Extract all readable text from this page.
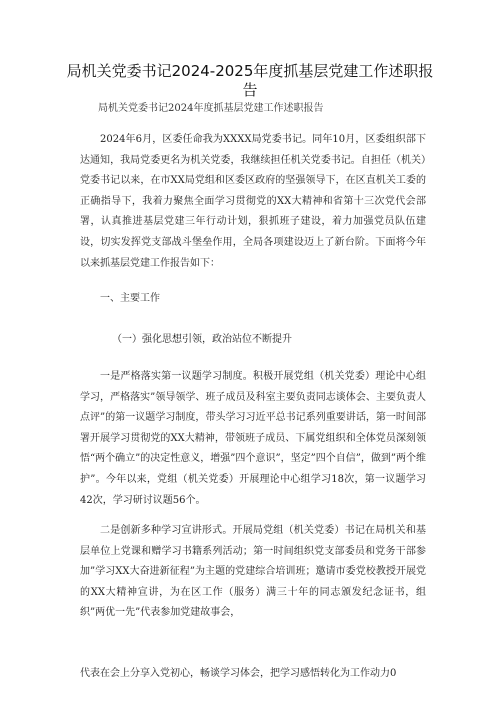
局机关党委书记2024-2025年度抓基层党建工作述职报
告
局机关党委书记2024年度抓基层党建工作述职报告
2024年6月，区委任命我为XXXX局党委书记。同年10月，区委组织部下达通知，我局党委更名为机关党委，我继续担任机关党委书记。自担任（机关）党委书记以来，在市XX局党组和区委区政府的坚强领导下，在区直机关工委的正确指导下，我着力聚焦全面学习贯彻党的XX大精神和省第十三次党代会部署，认真推进基层党建三年行动计划，狠抓班子建设，着力加强党员队伍建设，切实发挥党支部战斗堡垒作用，全局各项建设迈上了新台阶。下面将今年以来抓基层党建工作报告如下：
一、主要工作
（一）强化思想引领，政治站位不断提升
一是严格落实第一议题学习制度。积极开展党组（机关党委）理论中心组学习，严格落实”领导领学、班子成员及科室主要负责同志谈体会、主要负责人点评”的第一议题学习制度，带头学习习近平总书记系列重要讲话，第一时间部署开展学习贯彻党的XX大精神，带领班子成员、下属党组织和全体党员深刻领悟“两个确立”的决定性意义，增强”四个意识”，坚定”四个自信”，做到”两个维护”。今年以来，党组（机关党委）开展理论中心组学习18次，第一议题学习42次，学习研讨议题56个。
二是创新多种学习宣讲形式。开展局党组（机关党委）书记在局机关和基层单位上党课和赠学习书籍系列活动；第一时间组织党支部委员和党务干部参加”学习XX大奋进新征程”为主题的党建综合培训班；邀请市委党校教授开展党的XX大精神宣讲，为在区工作（服务）满三十年的同志颁发纪念证书，组织”两优一先”代表参加党建故事会，
代表在会上分享入党初心，畅谈学习体会，把学习感悟转化为工作动力0
